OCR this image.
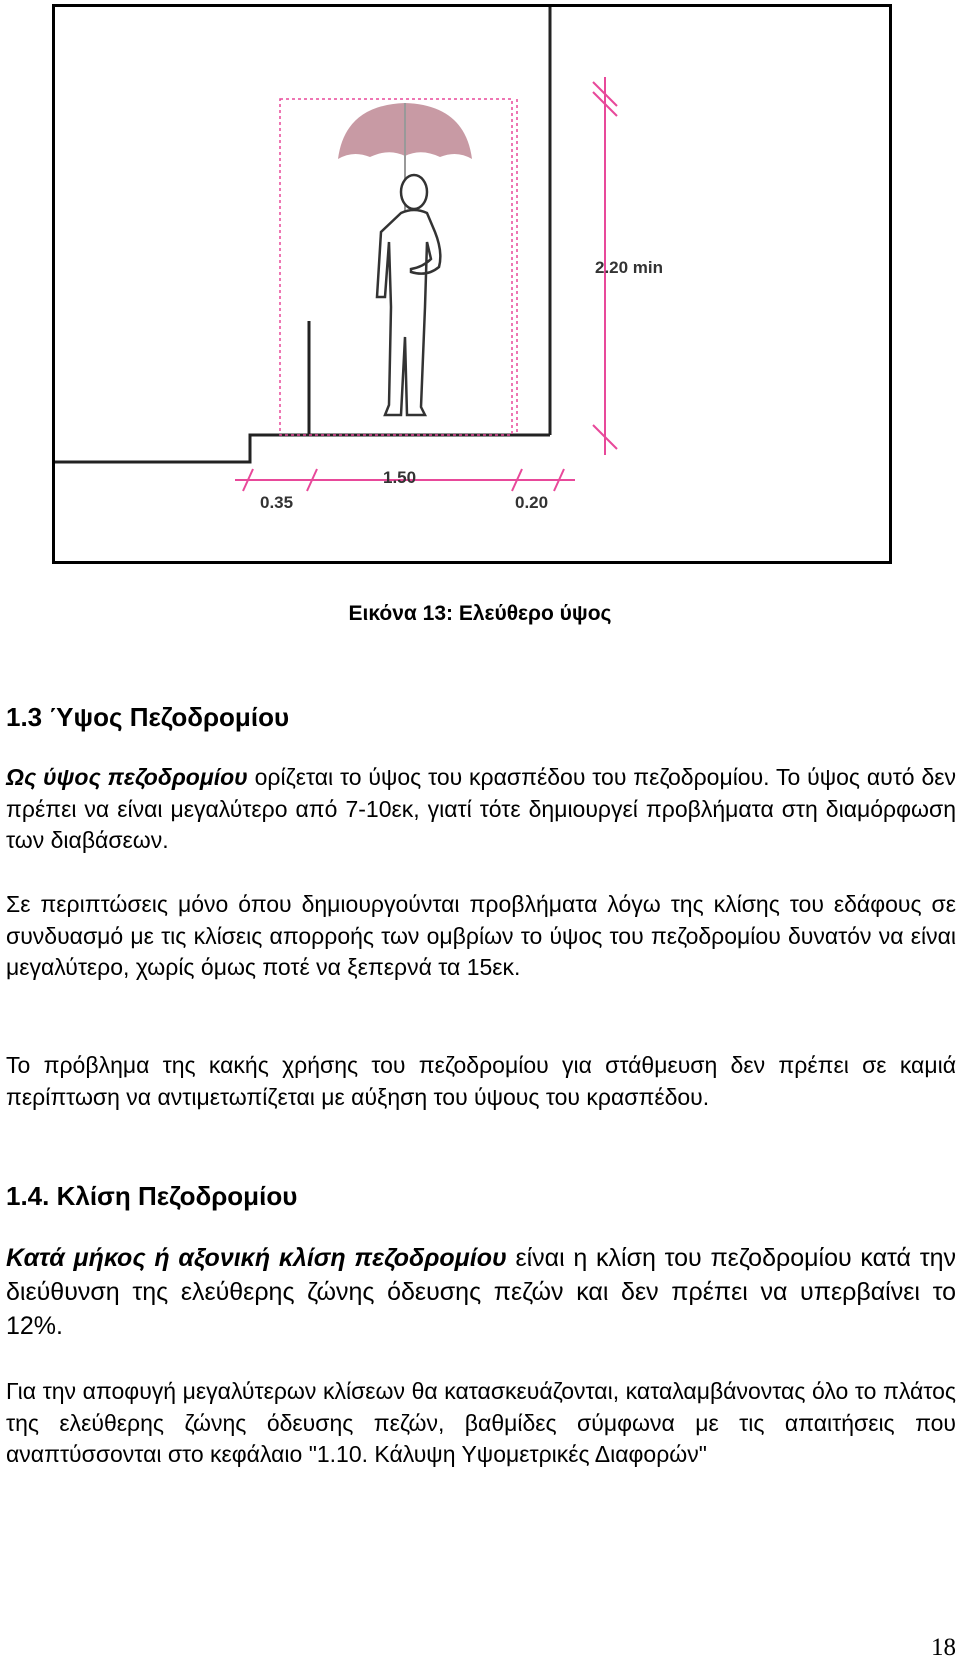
2.20 min
1.50
0.35	0.20
Εικόνα 13: Ελεύθερο ύψος
1.3 Ύψος Πεζοδρομίου
Ως ύψος πεζοδρομίου ορίζεται το ύψος του κρασπέδου του πεζοδρομίου. Το ύψος αυτό δεν πρέπει να είναι μεγαλύτερο από 7-10εκ, γιατί τότε δημιουργεί προβλήματα στη διαμόρφωση των διαβάσεων.
Σε περιπτώσεις μόνο όπου δημιουργούνται προβλήματα λόγω της κλίσης του εδάφους σε συνδυασμό με τις κλίσεις απορροής των ομβρίων το ύψος του πεζοδρομίου δυνατόν να είναι μεγαλύτερο, χωρίς όμως ποτέ να ξεπερνά τα 15εκ.
Το πρόβλημα της κακής χρήσης του πεζοδρομίου για στάθμευση δεν πρέπει σε καμιά περίπτωση να αντιμετωπίζεται με αύξηση του ύψους του κρασπέδου.
1.4. Κλίση Πεζοδρομίου
Κατά μήκος ή αξονική κλίση πεζοδρομίου είναι η κλίση του πεζοδρομίου κατά την διεύθυνση της ελεύθερης ζώνης όδευσης πεζών και δεν πρέπει να υπερβαίνει το 12%.
Για την αποφυγή μεγαλύτερων κλίσεων θα κατασκευάζονται, καταλαμβάνοντας όλο το πλάτος της ελεύθερης ζώνης όδευσης πεζών, βαθμίδες σύμφωνα με τις απαιτήσεις που αναπτύσσονται στο κεφάλαιο "1.10. Κάλυψη Υψομετρικές Διαφορών"
18
